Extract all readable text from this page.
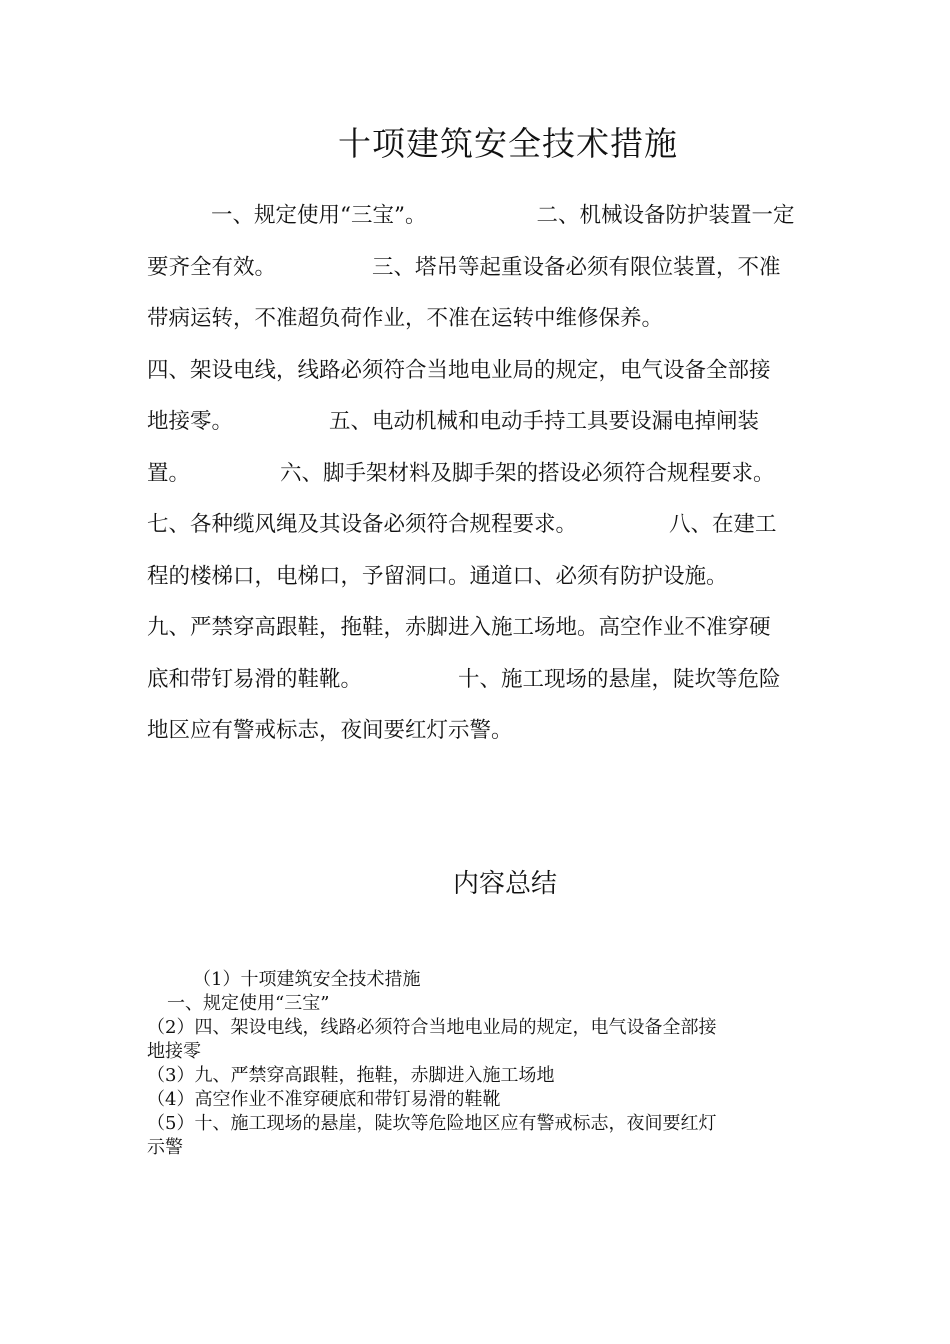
十项建筑安全技术措施
一、规定使用“三宝”。	二、机械设备防护装置一定
要齐全有效。	三、塔吊等起重设备必须有限位装置，不准
带病运转，不准超负荷作业，不准在运转中维修保养。
四、架设电线，线路必须符合当地电业局的规定，电气设备全部接
地接零。	五、电动机械和电动手持工具要设漏电掉闸装
置。	六、脚手架材料及脚手架的搭设必须符合规程要求。
七、各种缆风绳及其设备必须符合规程要求。	八、在建工
程的楼梯口，电梯口，予留洞口。通道口、必须有防护设施。
九、严禁穿高跟鞋，拖鞋，赤脚进入施工场地。高空作业不准穿硬
底和带钉易滑的鞋靴。	十、施工现场的悬崖，陡坎等危险
地区应有警戒标志，夜间要红灯示警。
内容总结
（1）十项建筑安全技术措施
一、规定使用“三宝”
（2）四、架设电线，线路必须符合当地电业局的规定，电气设备全部接
地接零
（3）九、严禁穿高跟鞋，拖鞋，赤脚进入施工场地
（4）高空作业不准穿硬底和带钉易滑的鞋靴
（5）十、施工现场的悬崖，陡坎等危险地区应有警戒标志，夜间要红灯
示警
